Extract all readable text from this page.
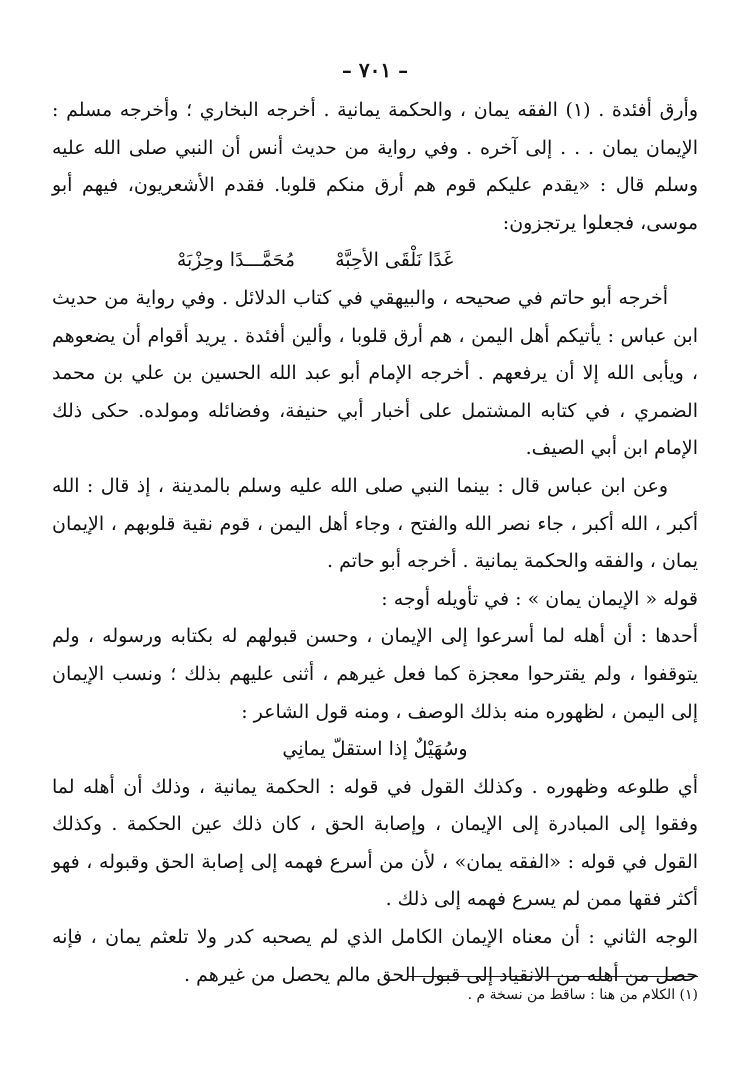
– ٧٠١ –

وأرق أفئدة . (١) الفقه يمان ، والحكمة يمانية . أخرجه البخاري ؛ وأخرجه مسلم : الإيمان يمان . . . إلى آخره . وفي رواية من حديث أنس أن النبي صلى الله عليه وسلم قال : «يقدم عليكم قوم هم أرق منكم قلوبا. فقدم الأشعريون، فيهم أبو موسى، فجعلوا يرتجزون:

غَدًا نَلْقَى الأحِبَّهْمُحَمَّـــدًا وحِزْبَهْ

أخرجه أبو حاتم في صحيحه ، والبيهقي في كتاب الدلائل . وفي رواية من حديث ابن عباس : يأتيكم أهل اليمن ، هم أرق قلوبا ، وألين أفئدة . يريد أقوام أن يضعوهم ، ويأبى الله إلا أن يرفعهم . أخرجه الإمام أبو عبد الله الحسين بن علي بن محمد الضمري ، في كتابه المشتمل على أخبار أبي حنيفة، وفضائله ومولده. حكى ذلك الإمام ابن أبي الصيف.

وعن ابن عباس قال : بينما النبي صلى الله عليه وسلم بالمدينة ، إذ قال : الله أكبر ، الله أكبر ، جاء نصر الله والفتح ، وجاء أهل اليمن ، قوم نقية قلوبهم ، الإيمان يمان ، والفقه والحكمة يمانية . أخرجه أبو حاتم .

قوله « الإيمان يمان » : في تأويله أوجه :

أحدها : أن أهله لما أسرعوا إلى الإيمان ، وحسن قبولهم له بكتابه ورسوله ، ولم يتوقفوا ، ولم يقترحوا معجزة كما فعل غيرهم ، أثنى عليهم بذلك ؛ ونسب الإيمان إلى اليمن ، لظهوره منه بذلك الوصف ، ومنه قول الشاعر :

وسُهَيْلٌ إذا استقلّ يمانِي

أي طلوعه وظهوره . وكذلك القول في قوله : الحكمة يمانية ، وذلك أن أهله لما وفقوا إلى المبادرة إلى الإيمان ، وإصابة الحق ، كان ذلك عين الحكمة . وكذلك القول في قوله : «الفقه يمان» ، لأن من أسرع فهمه إلى إصابة الحق وقبوله ، فهو أكثر فقها ممن لم يسرع فهمه إلى ذلك .

الوجه الثاني : أن معناه الإيمان الكامل الذي لم يصحبه كدر ولا تلعثم يمان ، فإنه حصل من أهله من الانقياد إلى قبول الحق مالم يحصل من غيرهم .

(١) الكلام من هنا : ساقط من نسخة م .
